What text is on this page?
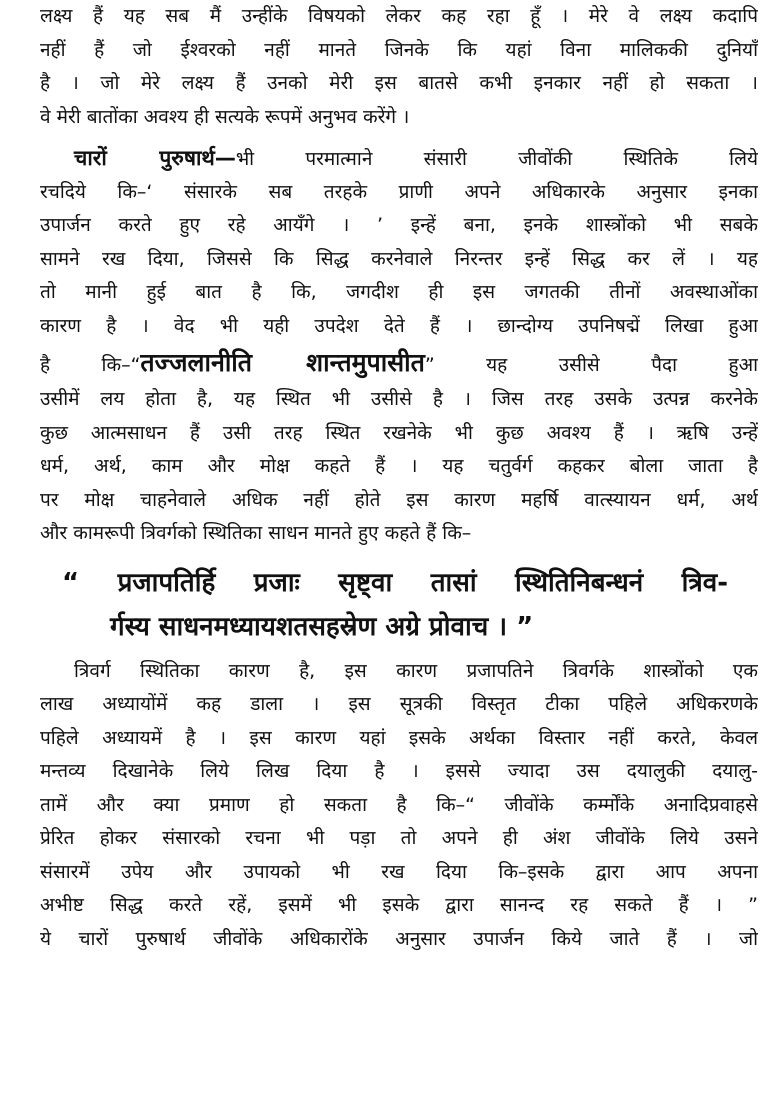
लक्ष्य हैं यह सब मैं उन्हींके विषयको लेकर कह रहा हूँ । मेरे वे लक्ष्य कदापि
नहीं हैं जो ईश्वरको नहीं मानते जिनके कि यहां विना मालिककी दुनियाँ
है । जो मेरे लक्ष्य हैं उनको मेरी इस बातसे कभी इनकार नहीं हो सकता ।
वे मेरी बातोंका अवश्य ही सत्यके रूपमें अनुभव करेंगे ।
चारों पुरुषार्थ—भी परमात्माने संसारी जीवोंकी स्थितिके लिये
रचदिये कि–‘ संसारके सब तरहके प्राणी अपने अधिकारके अनुसार इनका
उपार्जन करते हुए रहे आयँगे । ’ इन्हें बना, इनके शास्त्रोंको भी सबके
सामने रख दिया, जिससे कि सिद्ध करनेवाले निरन्तर इन्हें सिद्ध कर लें । यह
तो मानी हुई बात है कि, जगदीश ही इस जगतकी तीनों अवस्थाओंका
कारण है । वेद भी यही उपदेश देते हैं । छान्दोग्य उपनिषद्में लिखा हुआ
है कि–“तज्जलानीति शान्तमुपासीत” यह उसीसे पैदा हुआ
उसीमें लय होता है, यह स्थित भी उसीसे है । जिस तरह उसके उत्पन्न करनेके
कुछ आत्मसाधन हैं उसी तरह स्थित रखनेके भी कुछ अवश्य हैं । ऋषि उन्हें
धर्म, अर्थ, काम और मोक्ष कहते हैं । यह चतुर्वर्ग कहकर बोला जाता है
पर मोक्ष चाहनेवाले अधिक नहीं होते इस कारण महर्षि वात्स्यायन धर्म, अर्थ
और कामरूपी त्रिवर्गको स्थितिका साधन मानते हुए कहते हैं कि–
“ प्रजापतिर्हि प्रजाः सृष्ट्वा तासां स्थितिनिबन्धनं त्रिव-
र्गस्य साधनमध्यायशतसहस्रेण अग्रे प्रोवाच । ”
त्रिवर्ग स्थितिका कारण है, इस कारण प्रजापतिने त्रिवर्गके शास्त्रोंको एक
लाख अध्यायोंमें कह डाला । इस सूत्रकी विस्तृत टीका पहिले अधिकरणके
पहिले अध्यायमें है । इस कारण यहां इसके अर्थका विस्तार नहीं करते, केवल
मन्तव्य दिखानेके लिये लिख दिया है । इससे ज्यादा उस दयालुकी दयालु-
तामें और क्या प्रमाण हो सकता है कि–“ जीवोंके कर्म्मोंके अनादिप्रवाहसे
प्रेरित होकर संसारको रचना भी पड़ा तो अपने ही अंश जीवोंके लिये उसने
संसारमें उपेय और उपायको भी रख दिया कि–इसके द्वारा आप अपना
अभीष्ट सिद्ध करते रहें, इसमें भी इसके द्वारा सानन्द रह सकते हैं । ”
ये चारों पुरुषार्थ जीवोंके अधिकारोंके अनुसार उपार्जन किये जाते हैं । जो
